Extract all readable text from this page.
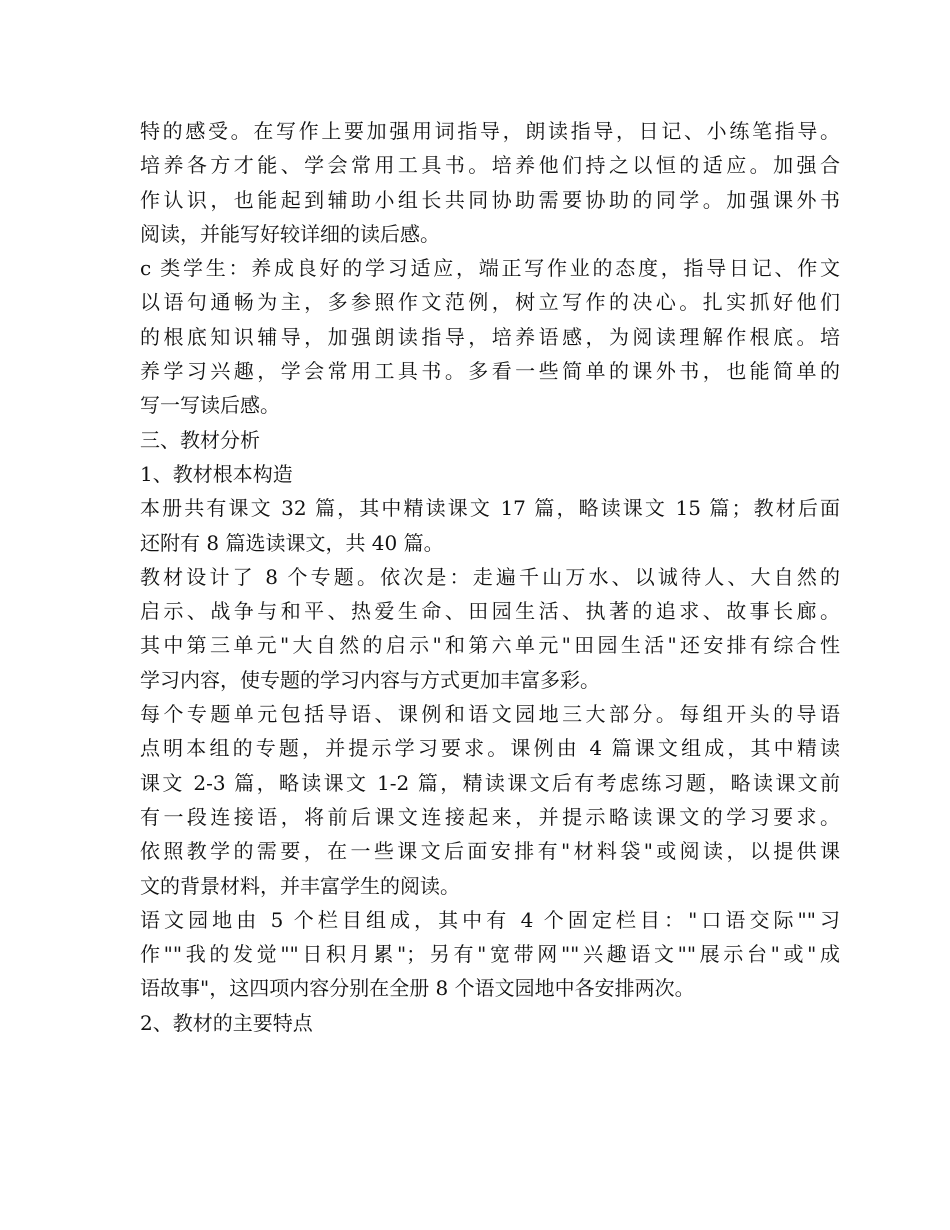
特的感受。在写作上要加强用词指导，朗读指导，日记、小练笔指导。
培养各方才能、学会常用工具书。培养他们持之以恒的适应。加强合
作认识，也能起到辅助小组长共同协助需要协助的同学。加强课外书
阅读，并能写好较详细的读后感。
c 类学生：养成良好的学习适应，端正写作业的态度，指导日记、作文
以语句通畅为主，多参照作文范例，树立写作的决心。扎实抓好他们
的根底知识辅导，加强朗读指导，培养语感，为阅读理解作根底。培
养学习兴趣，学会常用工具书。多看一些简单的课外书，也能简单的
写一写读后感。
三、教材分析
1、教材根本构造
本册共有课文 32 篇，其中精读课文 17 篇，略读课文 15 篇；教材后面
还附有 8 篇选读课文，共 40 篇。
教材设计了 8 个专题。依次是：走遍千山万水、以诚待人、大自然的
启示、战争与和平、热爱生命、田园生活、执著的追求、故事长廊。
其中第三单元"大自然的启示"和第六单元"田园生活"还安排有综合性
学习内容，使专题的学习内容与方式更加丰富多彩。
每个专题单元包括导语、课例和语文园地三大部分。每组开头的导语
点明本组的专题，并提示学习要求。课例由 4 篇课文组成，其中精读
课文 2-3 篇，略读课文 1-2 篇，精读课文后有考虑练习题，略读课文前
有一段连接语，将前后课文连接起来，并提示略读课文的学习要求。
依照教学的需要，在一些课文后面安排有"材料袋"或阅读，以提供课
文的背景材料，并丰富学生的阅读。
语文园地由 5 个栏目组成，其中有 4 个固定栏目："口语交际""习
作""我的发觉""日积月累"；另有"宽带网""兴趣语文""展示台"或"成
语故事"，这四项内容分别在全册 8 个语文园地中各安排两次。
2、教材的主要特点
